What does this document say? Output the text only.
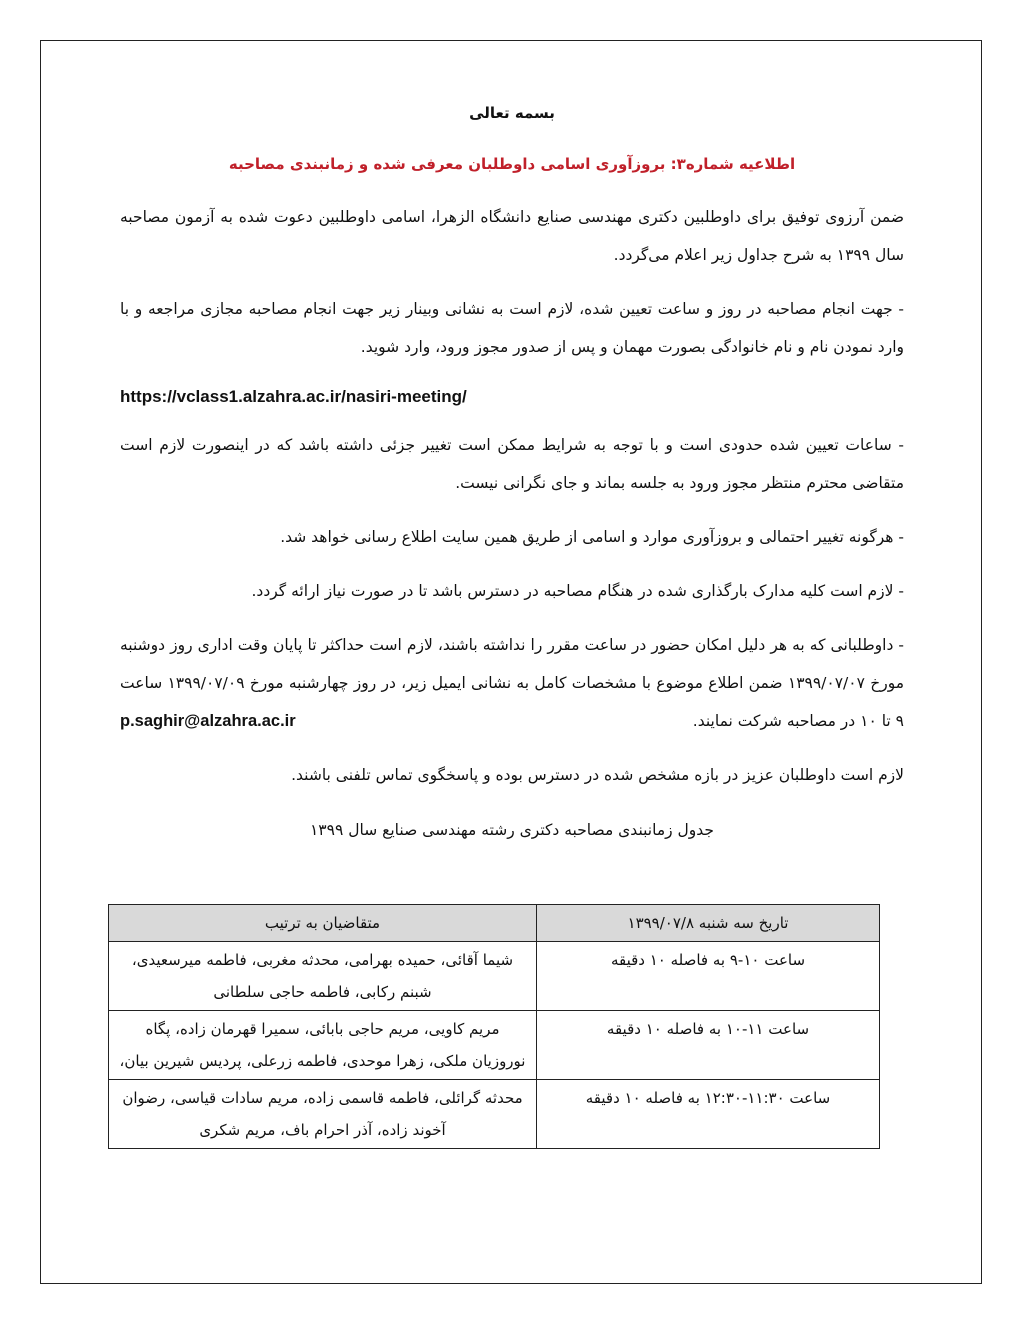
بسمه تعالی

اطلاعیه شماره۳: بروزآوری اسامی داوطلبان معرفی شده و زمانبندی مصاحبه

ضمن آرزوی توفیق برای داوطلبین دکتری مهندسی صنایع دانشگاه الزهرا، اسامی داوطلبین دعوت شده به آزمون مصاحبه سال ۱۳۹۹ به شرح جداول زیر اعلام می‌گردد.

- جهت انجام مصاحبه در روز و ساعت تعیین شده، لازم است به نشانی وبینار زیر جهت انجام مصاحبه مجازی مراجعه و با وارد نمودن نام و نام خانوادگی بصورت مهمان و پس از صدور مجوز ورود، وارد شوید.

https://vclass1.alzahra.ac.ir/nasiri-meeting/

- ساعات تعیین شده حدودی است و با توجه به شرایط ممکن است تغییر جزئی داشته باشد که در اینصورت لازم است متقاضی محترم منتظر مجوز ورود به جلسه بماند و جای نگرانی نیست.

- هرگونه تغییر احتمالی و بروزآوری موارد و اسامی از طریق همین سایت اطلاع رسانی خواهد شد.

- لازم است کلیه مدارک بارگذاری شده در هنگام مصاحبه در دسترس باشد تا در صورت نیاز ارائه گردد.

- داوطلبانی که به هر دلیل امکان حضور در ساعت مقرر را نداشته باشند، لازم است حداکثر تا پایان وقت اداری روز دوشنبه مورخ ۱۳۹۹/۰۷/۰۷ ضمن اطلاع موضوع با مشخصات کامل به نشانی ایمیل زیر، در روز چهارشنبه مورخ ۱۳۹۹/۰۷/۰۹ ساعت ۹ تا ۱۰ در مصاحبه شرکت نمایند.
p.saghir@alzahra.ac.ir

لازم است داوطلبان عزیز در بازه مشخص شده در دسترس بوده و پاسخگوی تماس تلفنی باشند.

جدول زمانبندی مصاحبه دکتری رشته مهندسی صنایع سال ۱۳۹۹

تاریخ سه شنبه ۱۳۹۹/۰۷/۸	متقاضیان به ترتیب
ساعت ۱۰-۹ به فاصله ۱۰ دقیقه	شیما آقائی، حمیده بهرامی، محدثه مغربی، فاطمه میرسعیدی، شبنم رکابی، فاطمه حاجی سلطانی
ساعت ۱۱-۱۰ به فاصله ۱۰ دقیقه	مریم کاویی، مریم حاجی بابائی، سمیرا قهرمان زاده، پگاه نوروزیان ملکی، زهرا موحدی، فاطمه زرعلی، پردیس شیرین بیان،
ساعت ۱۱:۳۰-۱۲:۳۰ به فاصله ۱۰ دقیقه	محدثه گرائلی، فاطمه قاسمی زاده، مریم سادات قیاسی، رضوان آخوند زاده، آذر احرام باف، مریم شکری
